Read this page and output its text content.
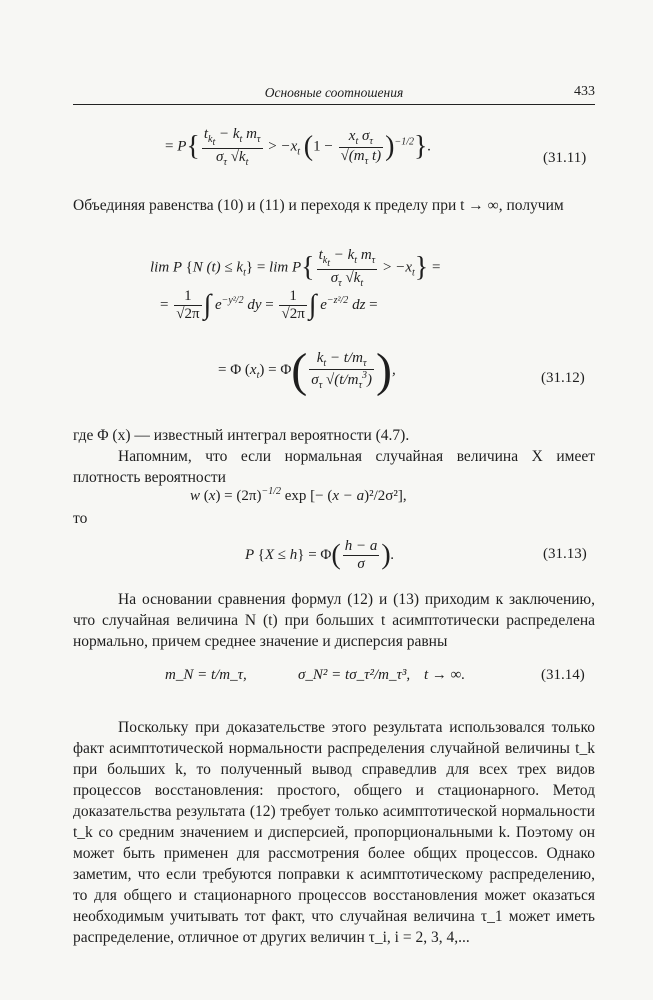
Основные соотношения	433
= $P\{ \frac{t_{k_t} - k_t m_\tau}{\sigma_\tau √k_t} > -x_t$ $(1 - \frac{x_t \sigma_\tau}{√(m_\tau t)} )^{-1/2}$}.
(31.11)
Объединяя равенства (10) и (11) и переходя к пределу при t → ∞, получим
lim P {N $(t) \le k_t\} = \lim P\{ \frac{t_{k_t} - k_t m_\tau}{\sigma_\tau √k_t} > -x_t\}$ =
= $\frac{1}{√2\pi}$ ∫ $e^{-y^2/2}$ dy = $\frac{1}{√2\pi}$ ∫ $e^{-z^2/2}$ dz =
= Φ $(x_t) = \Phi( \frac{k_t - t/m_\tau}{\sigma_\tau √(t/m_\tau^3)}$ ),
(31.12)
где Φ (x) — известный интеграл вероятности (4.7).
Напомним, что если нормальная случайная величина X имеет плотность вероятности
w $(x) = (2\pi)^{-1/2}$ exp [− (x − a)²/2σ²],
то
P $\{X \le h\} = \Phi( \frac{h - a}{\sigma}$ ).	(31.13)
На основании сравнения формул (12) и (13) приходим к заключению, что случайная величина N (t) при больших t асимптотически распределена нормально, причем среднее значение и дисперсия равны
m_N = t/m_τ,	σ_N² = tσ_τ²/m_τ³, t → ∞.	(31.14)
Поскольку при доказательстве этого результата использовался только факт асимптотической нормальности распределения случайной величины t_k при больших k, то полученный вывод справедлив для всех трех видов процессов восстановления: простого, общего и стационарного. Метод доказательства результата (12) требует только асимптотической нормальности t_k со средним значением и дисперсией, пропорциональными k. Поэтому он может быть применен для рассмотрения более общих процессов. Однако заметим, что если требуются поправки к асимптотическому распределению, то для общего и стационарного процессов восстановления может оказаться необходимым учитывать тот факт, что случайная величина τ_1 может иметь распределение, отличное от других величин τ_i, i = 2, 3, 4,...
